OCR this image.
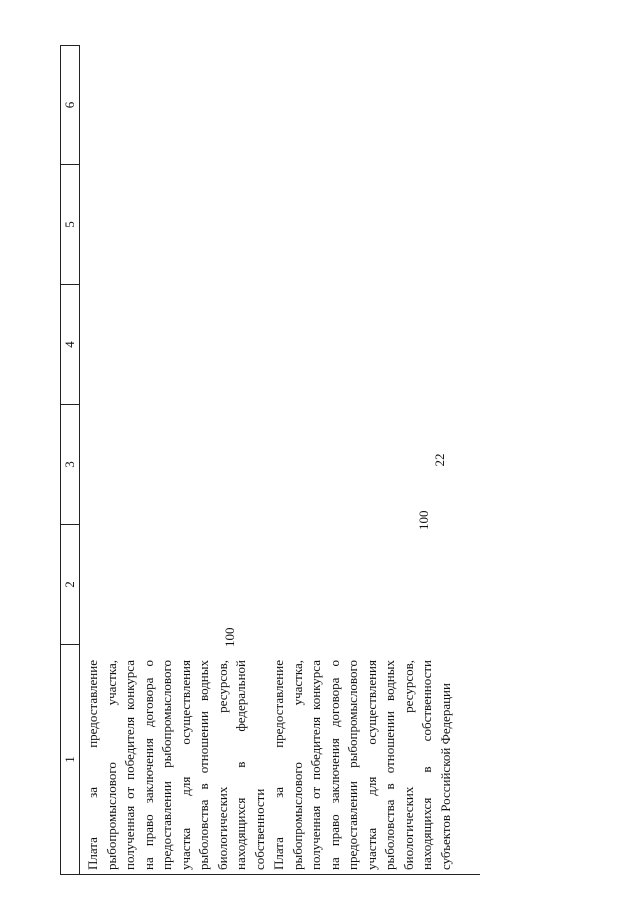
22
1
2
3
4
5
6
Плата за предоставление рыбопромыслового участка, полученная от победителя конкурса на право заключения договора о предоставлении рыбопромыслового участка для осуществления рыболовства в отношении водных биологических ресурсов, находящихся в федеральной собственности
100
Плата за предоставление рыбопромыслового участка, полученная от победителя конкурса на право заключения договора о предоставлении рыбопромыслового участка для осуществления рыболовства в отношении водных биологических ресурсов, находящихся в собственности субъектов Российской Федерации
100
